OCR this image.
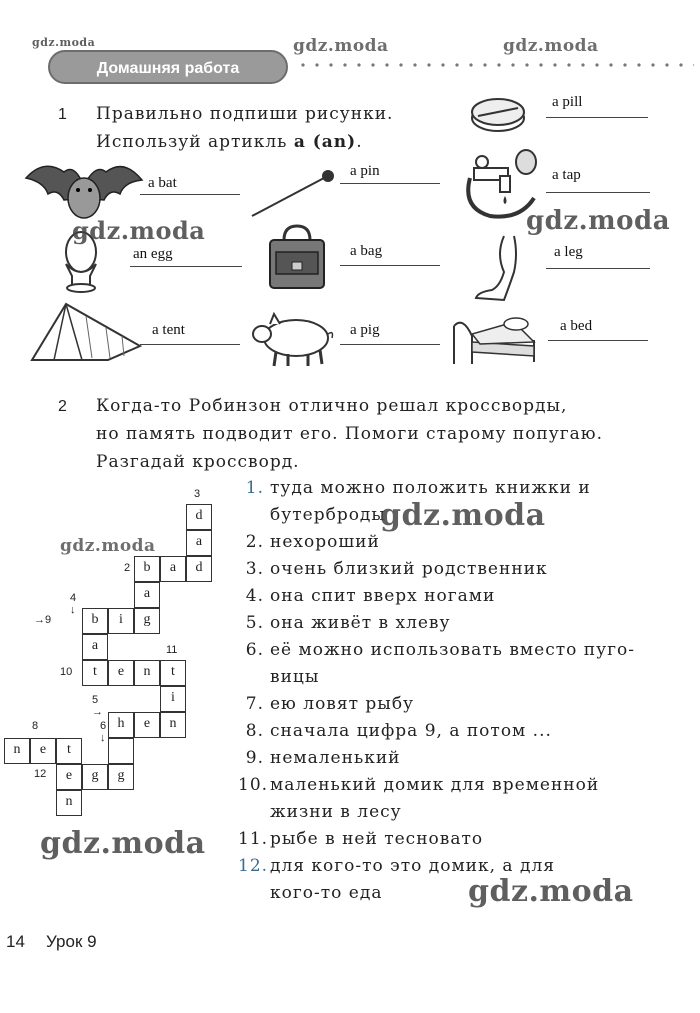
gdz.moda
Домашняя работа
gdz.moda	gdz.moda
1 Правильно подпиши рисунки.
Используй артикль a (an).
a pill
a bat
a pin	a tap
an egg	a bag	a leg
a tent	a pig	a bed
gdz.moda	gdz.moda
2 Когда-то Робинзон отлично решал кроссворды,
но память подводит его. Помоги старому попугаю.
Разгадай кроссворд.
d
a
b	a	d
a
b	i	g
a
t	e	n	t
i
h	e	n
n	e	t
e	g	g
n
3
2
4 ↓
→9
11
10
5 →
8	6 ↓
12
gdz.moda
1. туда можно положить книжки и
бутерброды
2. нехороший
3. очень близкий родственник
4. она спит вверх ногами
5. она живёт в хлеву
6. её можно использовать вместо пуго-
вицы
7. ею ловят рыбу
8. сначала цифра 9, а потом ...
9. немаленький
10. маленький домик для временной
жизни в лесу
11. рыбе в ней тесновато
12. для кого-то это домик, а для
кого-то еда
gdz.moda
gdz.moda
gdz.moda
14 Урок 9
